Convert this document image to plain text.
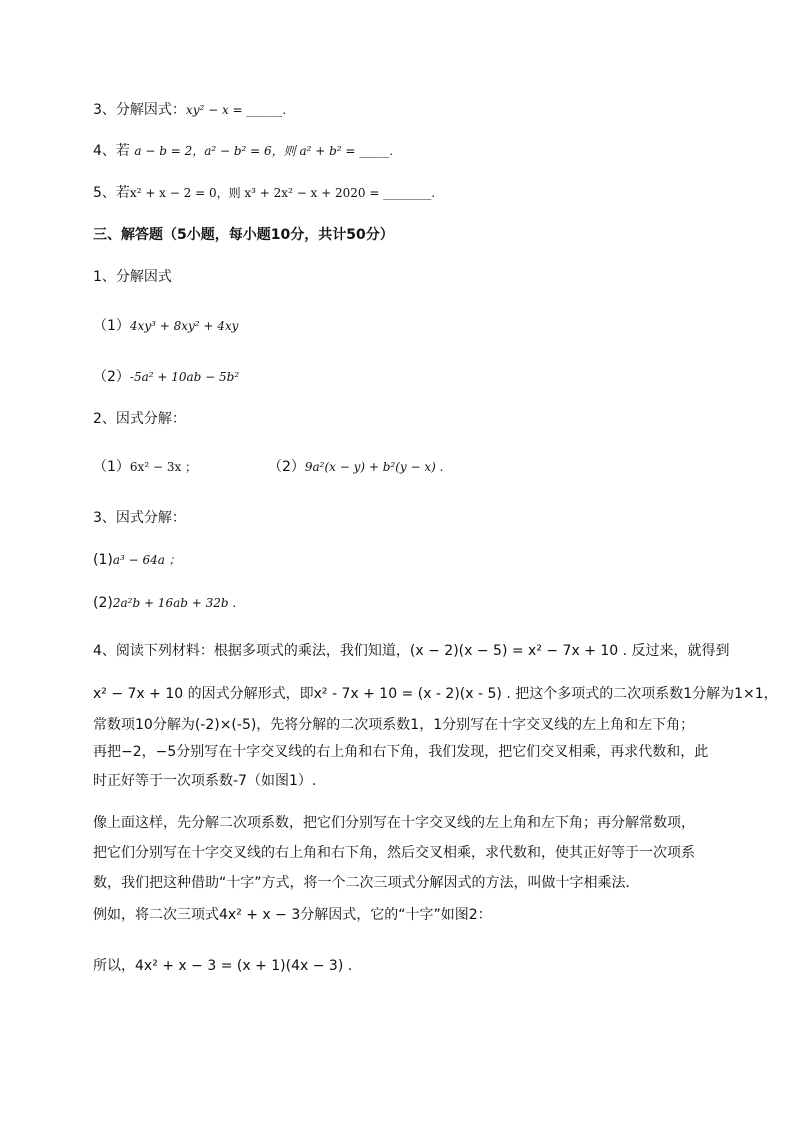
3、分解因式：xy² − x = ______.
4、若 a − b = 2，a² − b² = 6，则 a² + b² = _____.
5、若x² + x − 2 = 0，则 x³ + 2x² − x + 2020 = ________.
三、解答题（5小题，每小题10分，共计50分）
1、分解因式
（1）4xy³ + 8xy² + 4xy
（2）-5a² + 10ab − 5b²
2、因式分解：
（1）6x² − 3x ；	（2）9a²(x − y) + b²(y − x) .
3、因式分解：
(1)a³ − 64a ；
(2)2a²b + 16ab + 32b .
4、阅读下列材料：根据多项式的乘法，我们知道，(x − 2)(x − 5) = x² − 7x + 10 . 反过来，就得到
x² − 7x + 10 的因式分解形式，即x² - 7x + 10 = (x - 2)(x - 5) . 把这个多项式的二次项系数1分解为1×1，
常数项10分解为(-2)×(-5)，先将分解的二次项系数1，1分别写在十字交叉线的左上角和左下角；
再把−2，−5分别写在十字交叉线的右上角和右下角，我们发现，把它们交叉相乘，再求代数和，此
时正好等于一次项系数-7（如图1）.
像上面这样，先分解二次项系数，把它们分别写在十字交叉线的左上角和左下角；再分解常数项，把它们分别写在十字交叉线的右上角和右下角，然后交叉相乘，求代数和，使其正好等于一次项系数，我们把这种借助“十字”方式，将一个二次三项式分解因式的方法，叫做十字相乘法．
例如，将二次三项式4x² + x − 3分解因式，它的“十字”如图2：
所以，4x² + x − 3 = (x + 1)(4x − 3) .
